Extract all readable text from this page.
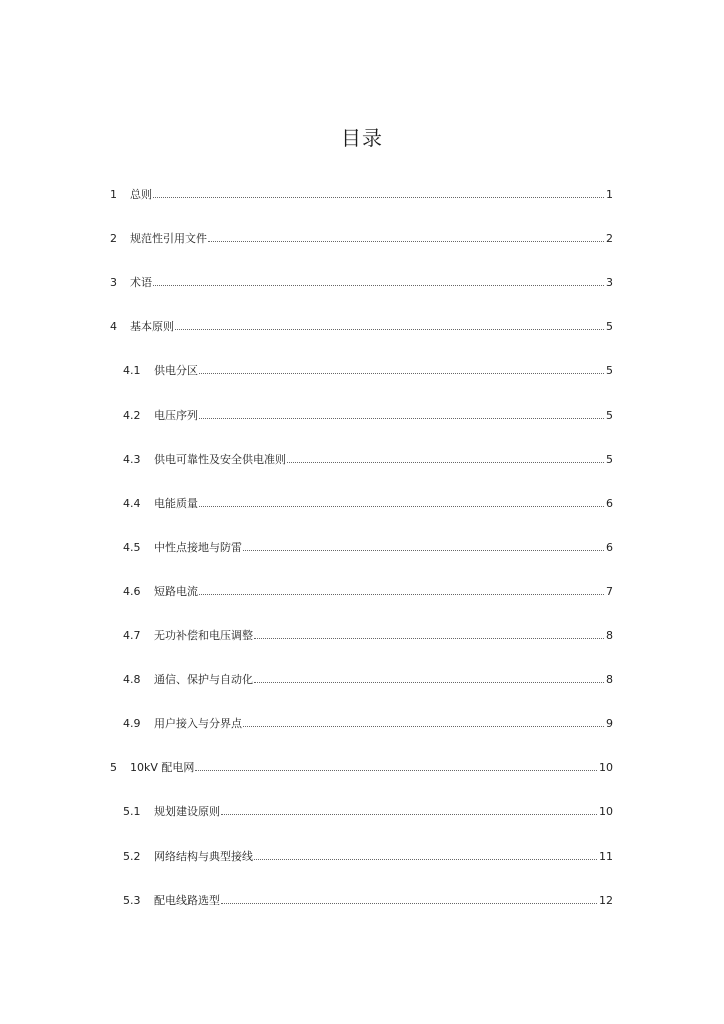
目录
1 总则	1
2 规范性引用文件	2
3 术语	3
4 基本原则	5
4.1 供电分区	5
4.2 电压序列	5
4.3 供电可靠性及安全供电准则	5
4.4 电能质量	6
4.5 中性点接地与防雷	6
4.6 短路电流	7
4.7 无功补偿和电压调整	8
4.8 通信、保护与自动化	8
4.9 用户接入与分界点	9
5 10kV 配电网	10
5.1 规划建设原则	10
5.2 网络结构与典型接线	11
5.3 配电线路选型	12
